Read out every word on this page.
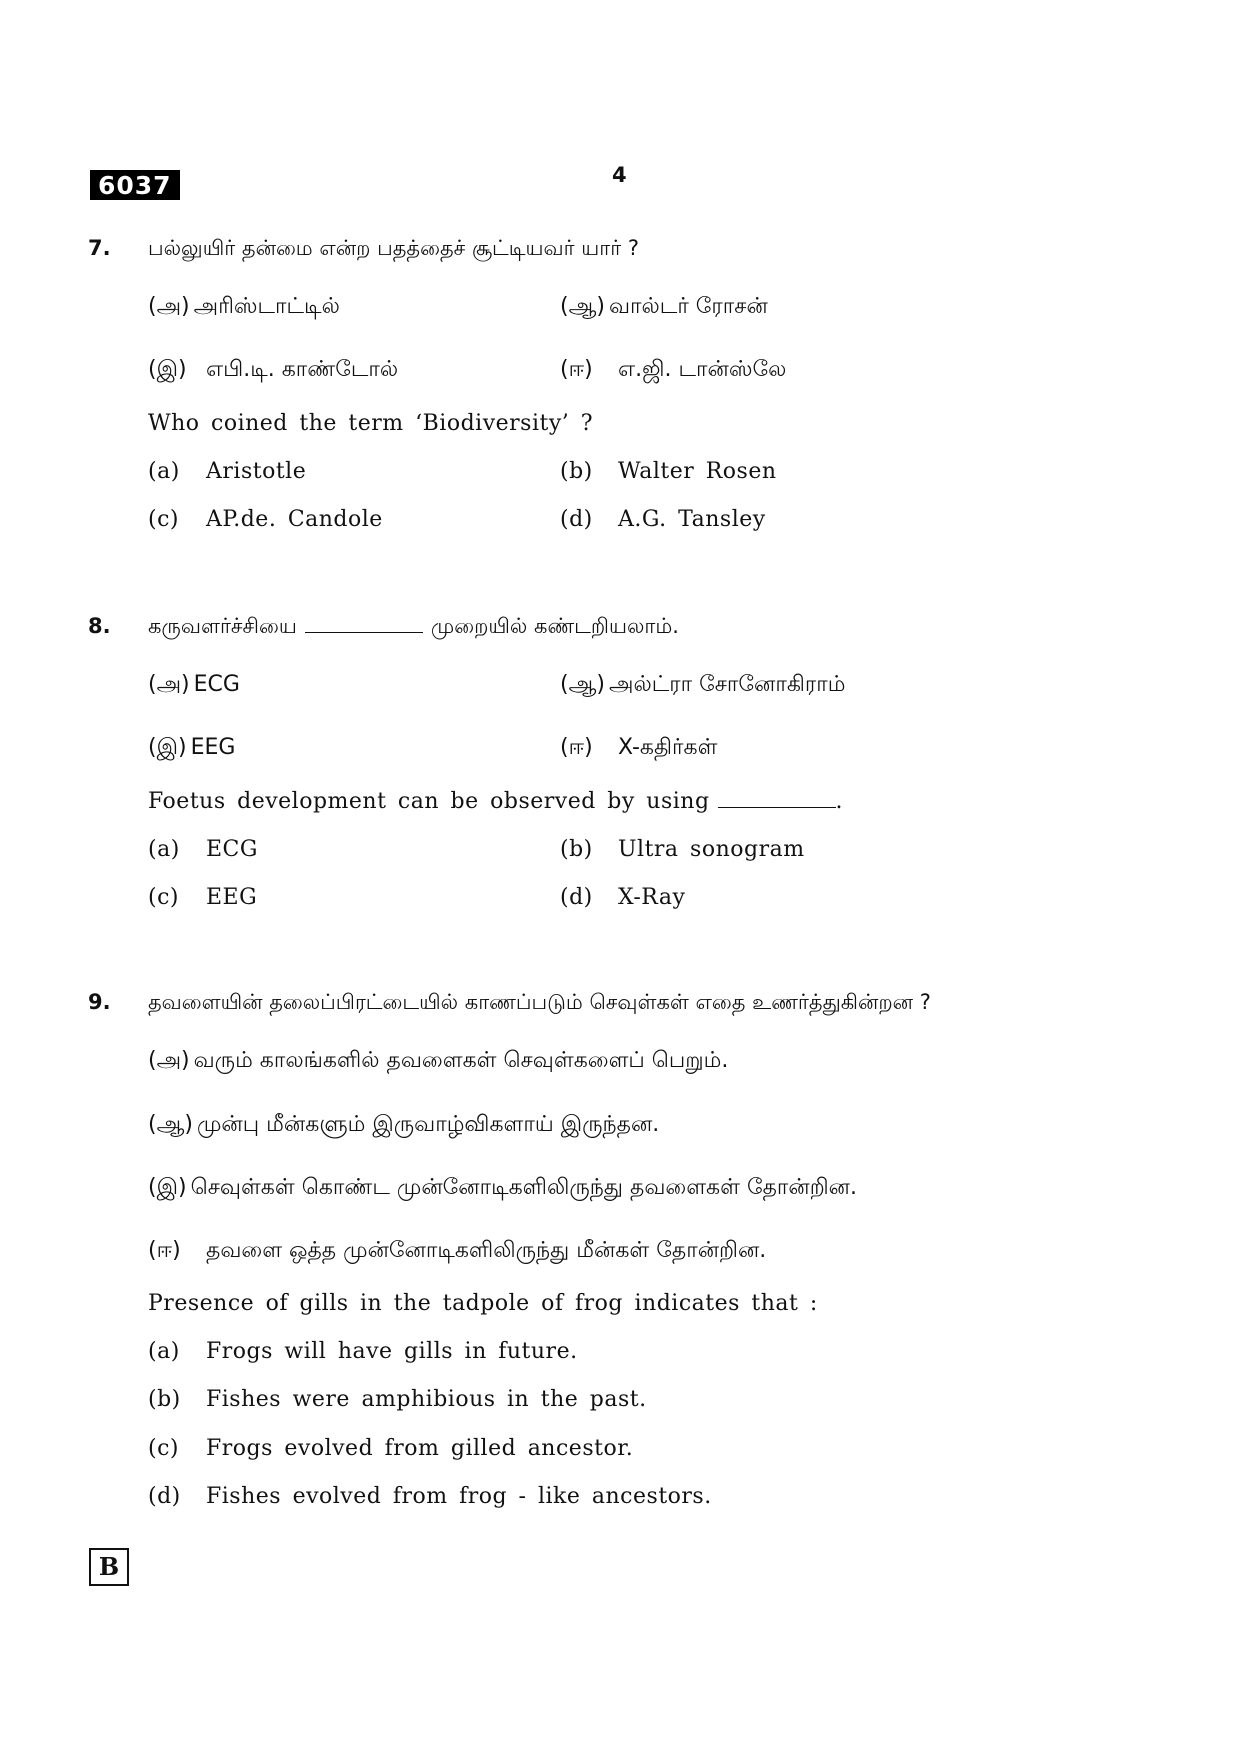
6037	4
7. பல்லுயிர் தன்மை என்ற பதத்தைச் சூட்டியவர் யார் ?
(அ) அரிஸ்டாட்டில்	(ஆ) வால்டர் ரோசன்
(இ) எபி.டி. காண்டோல்	(ஈ) எ.ஜி. டான்ஸ்லே
Who coined the term ‘Biodiversity’ ?
(a) Aristotle	(b) Walter Rosen
(c) AP.de. Candole	(d) A.G. Tansley
8. கருவளர்ச்சியை	முறையில் கண்டறியலாம்.
(அ) ECG	(ஆ) அல்ட்ரா சோனோகிராம்
(இ) EEG	(ஈ) X-கதிர்கள்
Foetus development can be observed by using	.
(a) ECG	(b) Ultra sonogram
(c) EEG	(d) X-Ray
9. தவளையின் தலைப்பிரட்டையில் காணப்படும் செவுள்கள் எதை உணர்த்துகின்றன ?
(அ) வரும் காலங்களில் தவளைகள் செவுள்களைப் பெறும்.
(ஆ) முன்பு மீன்களும் இருவாழ்விகளாய் இருந்தன.
(இ) செவுள்கள் கொண்ட முன்னோடிகளிலிருந்து தவளைகள் தோன்றின.
(ஈ) தவளை ஒத்த முன்னோடிகளிலிருந்து மீன்கள் தோன்றின.
Presence of gills in the tadpole of frog indicates that :
(a) Frogs will have gills in future.
(b) Fishes were amphibious in the past.
(c) Frogs evolved from gilled ancestor.
(d) Fishes evolved from frog - like ancestors.
B
